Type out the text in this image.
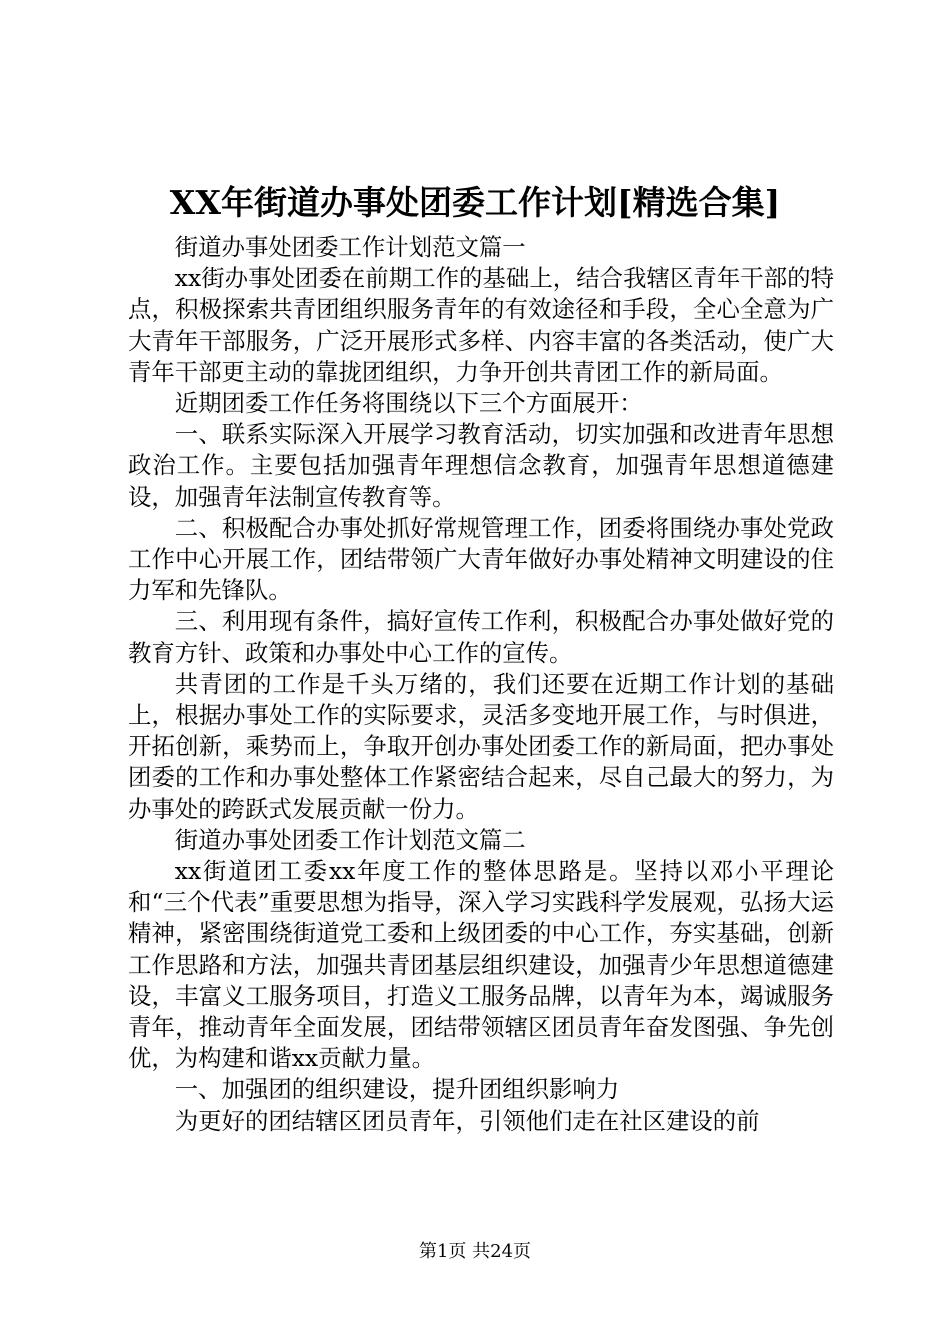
XX年街道办事处团委工作计划[精选合集]

街道办事处团委工作计划范文篇一

xx街办事处团委在前期工作的基础上，结合我辖区青年干部的特点，积极探索共青团组织服务青年的有效途径和手段，全心全意为广大青年干部服务，广泛开展形式多样、内容丰富的各类活动，使广大青年干部更主动的靠拢团组织，力争开创共青团工作的新局面。

近期团委工作任务将围绕以下三个方面展开：

一、联系实际深入开展学习教育活动，切实加强和改进青年思想政治工作。主要包括加强青年理想信念教育，加强青年思想道德建设，加强青年法制宣传教育等。

二、积极配合办事处抓好常规管理工作，团委将围绕办事处党政工作中心开展工作，团结带领广大青年做好办事处精神文明建设的住力军和先锋队。

三、利用现有条件，搞好宣传工作利，积极配合办事处做好党的教育方针、政策和办事处中心工作的宣传。

共青团的工作是千头万绪的，我们还要在近期工作计划的基础上，根据办事处工作的实际要求，灵活多变地开展工作，与时俱进，开拓创新，乘势而上，争取开创办事处团委工作的新局面，把办事处团委的工作和办事处整体工作紧密结合起来，尽自己最大的努力，为办事处的跨跃式发展贡献一份力。

街道办事处团委工作计划范文篇二

xx街道团工委xx年度工作的整体思路是。坚持以邓小平理论和“三个代表”重要思想为指导，深入学习实践科学发展观，弘扬大运精神，紧密围绕街道党工委和上级团委的中心工作，夯实基础，创新工作思路和方法，加强共青团基层组织建设，加强青少年思想道德建设，丰富义工服务项目，打造义工服务品牌，以青年为本，竭诚服务青年，推动青年全面发展，团结带领辖区团员青年奋发图强、争先创优，为构建和谐xx贡献力量。

一、加强团的组织建设，提升团组织影响力

为更好的团结辖区团员青年，引领他们走在社区建设的前

第1页 共24页
